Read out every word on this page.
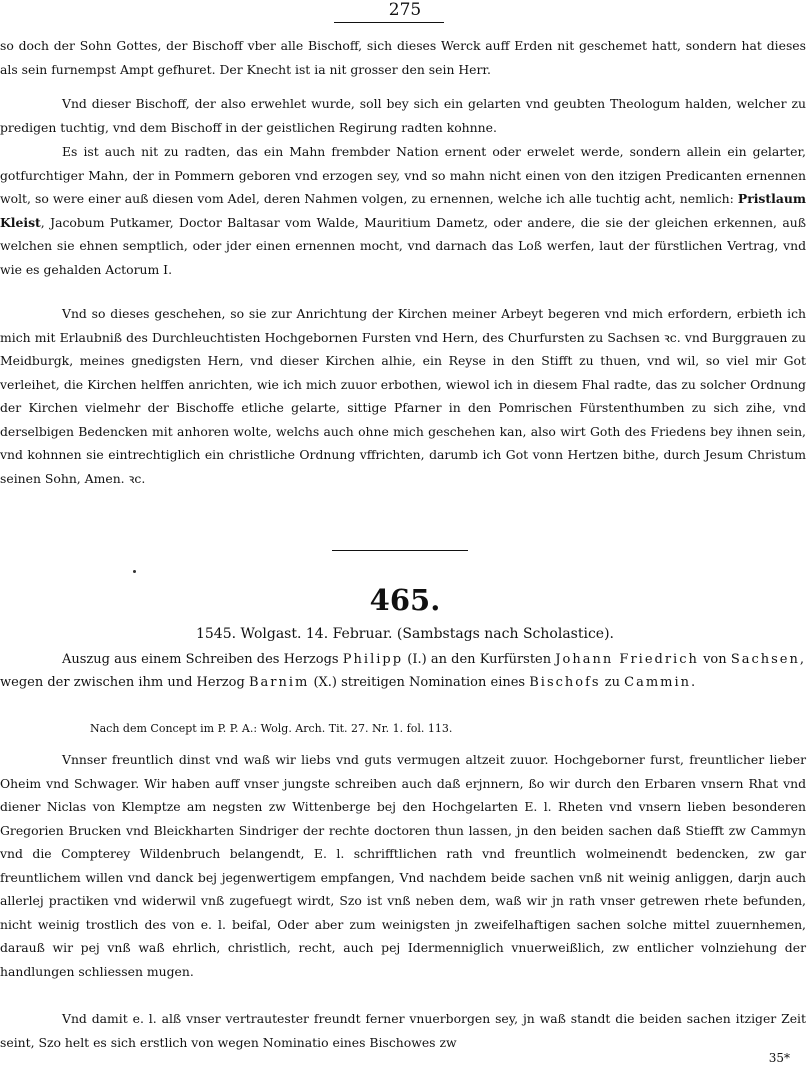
275

so doch der Sohn Gottes, der Bischoff vber alle Bischoff, sich dieses Werck auff Erden nit geschemet hatt, sondern hat dieses als sein furnempst Ampt gefhuret. Der Knecht ist ia nit grosser den sein Herr.

Vnd dieser Bischoff, der also erwehlet wurde, soll bey sich ein gelarten vnd geubten Theologum halden, welcher zu predigen tuchtig, vnd dem Bischoff in der geistlichen Regirung radten kohnne.

Es ist auch nit zu radten, das ein Mahn frembder Nation ernent oder erwelet werde, sondern allein ein gelarter, gotfurchtiger Mahn, der in Pommern geboren vnd erzogen sey, vnd so mahn nicht einen von den itzigen Predicanten ernennen wolt, so were einer auß diesen vom Adel, deren Nahmen volgen, zu ernennen, welche ich alle tuchtig acht, nemlich: Pristlaum Kleist, Jacobum Putkamer, Doctor Baltasar vom Walde, Mauritium Dametz, oder andere, die sie der gleichen erkennen, auß welchen sie ehnen semptlich, oder jder einen ernennen mocht, vnd darnach das Loß werfen, laut der fürstlichen Vertrag, vnd wie es gehalden Actorum I.

Vnd so dieses geschehen, so sie zur Anrichtung der Kirchen meiner Arbeyt begeren vnd mich erfordern, erbieth ich mich mit Erlaubniß des Durchleuchtisten Hochgebornen Fursten vnd Hern, des Churfursten zu Sachsen ꝛc. vnd Burggrauen zu Meidburgk, meines gnedigsten Hern, vnd dieser Kirchen alhie, ein Reyse in den Stifft zu thuen, vnd wil, so viel mir Got verleihet, die Kirchen helffen anrichten, wie ich mich zuuor erbothen, wiewol ich in diesem Fhal radte, das zu solcher Ordnung der Kirchen vielmehr der Bischoffe etliche gelarte, sittige Pfarner in den Pomrischen Fürstenthumben zu sich zihe, vnd derselbigen Bedencken mit anhoren wolte, welchs auch ohne mich geschehen kan, also wirt Goth des Friedens bey ihnen sein, vnd kohnnen sie eintrechtiglich ein christliche Ordnung vffrichten, darumb ich Got vonn Hertzen bithe, durch Jesum Christum seinen Sohn, Amen. ꝛc.

465.
1545. Wolgast. 14. Februar. (Sambstags nach Scholastice).

Auszug aus einem Schreiben des Herzogs Philipp (I.) an den Kurfürsten Johann Friedrich von Sachsen, wegen der zwischen ihm und Herzog Barnim (X.) streitigen Nomination eines Bischofs zu Cammin.

Nach dem Concept im P. P. A.: Wolg. Arch. Tit. 27. Nr. 1. fol. 113.

Vnnser freuntlich dinst vnd waß wir liebs vnd guts vermugen altzeit zuuor. Hochgeborner furst, freuntlicher lieber Oheim vnd Schwager. Wir haben auff vnser jungste schreiben auch daß erjnnern, ßo wir durch den Erbaren vnsern Rhat vnd diener Niclas von Klemptze am negsten zw Wittenberge bej den Hochgelarten E. l. Rheten vnd vnsern lieben besonderen Gregorien Brucken vnd Bleickharten Sindriger der rechte doctoren thun lassen, jn den beiden sachen daß Stiefft zw Cammyn vnd die Compterey Wildenbruch belangendt, E. l. schrifftlichen rath vnd freuntlich wolmeinendt bedencken, zw gar freuntlichem willen vnd danck bej jegenwertigem empfangen, Vnd nachdem beide sachen vnß nit weinig anliggen, darjn auch allerlej practiken vnd widerwil vnß zugefuegt wirdt, Szo ist vnß neben dem, waß wir jn rath vnser getrewen rhete befunden, nicht weinig trostlich des von e. l. beifal, Oder aber zum weinigsten jn zweifelhaftigen sachen solche mittel zuuernhemen, darauß wir pej vnß waß ehrlich, christlich, recht, auch pej Idermenniglich vnuerweißlich, zw entlicher volnziehung der handlungen schliessen mugen.

Vnd damit e. l. alß vnser vertrautester freundt ferner vnuerborgen sey, jn waß standt die beiden sachen itziger Zeit seint, Szo helt es sich erstlich von wegen Nominatio eines Bischowes zw

35*
